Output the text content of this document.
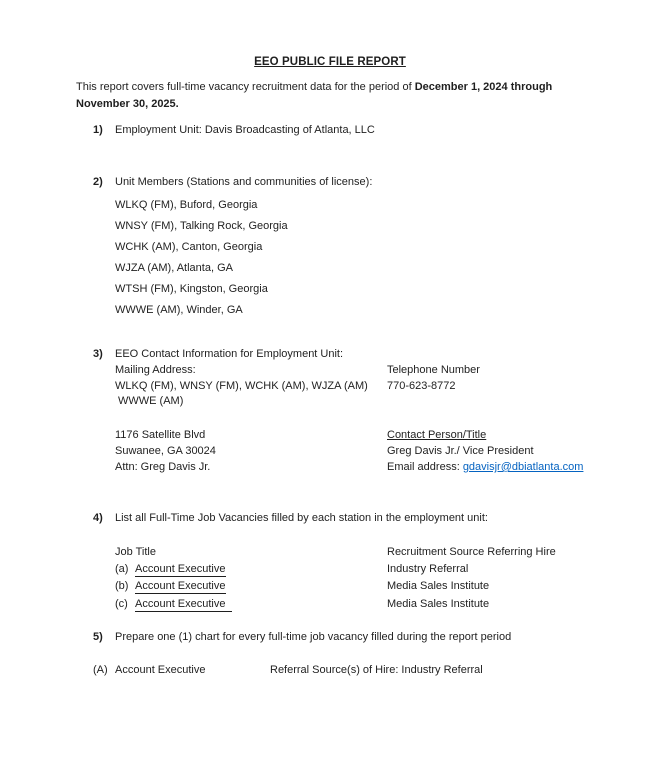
EEO PUBLIC FILE REPORT
This report covers full-time vacancy recruitment data for the period of December 1, 2024 through
November 30, 2025.
1) Employment Unit: Davis Broadcasting of Atlanta, LLC
2) Unit Members (Stations and communities of license):
WLKQ (FM), Buford, Georgia
WNSY (FM), Talking Rock, Georgia
WCHK (AM), Canton, Georgia
WJZA (AM), Atlanta, GA
WTSH (FM), Kingston, Georgia
WWWE (AM), Winder, GA
3) EEO Contact Information for Employment Unit:
Mailing Address:	Telephone Number
WLKQ (FM), WNSY (FM), WCHK (AM), WJZA (AM) 770-623-8772
WWWE (AM)
1176 Satellite Blvd	Contact Person/Title
Suwanee, GA 30024	Greg Davis Jr./ Vice President
Attn: Greg Davis Jr.	Email address: gdavisjr@dbiatlanta.com
4) List all Full-Time Job Vacancies filled by each station in the employment unit:
Job Title	Recruitment Source Referring Hire
(a) Account Executive	Industry Referral
(b) Account Executive	Media Sales Institute
(c) Account Executive	Media Sales Institute
5) Prepare one (1) chart for every full-time job vacancy filled during the report period
(A) Account Executive	Referral Source(s) of Hire: Industry Referral
